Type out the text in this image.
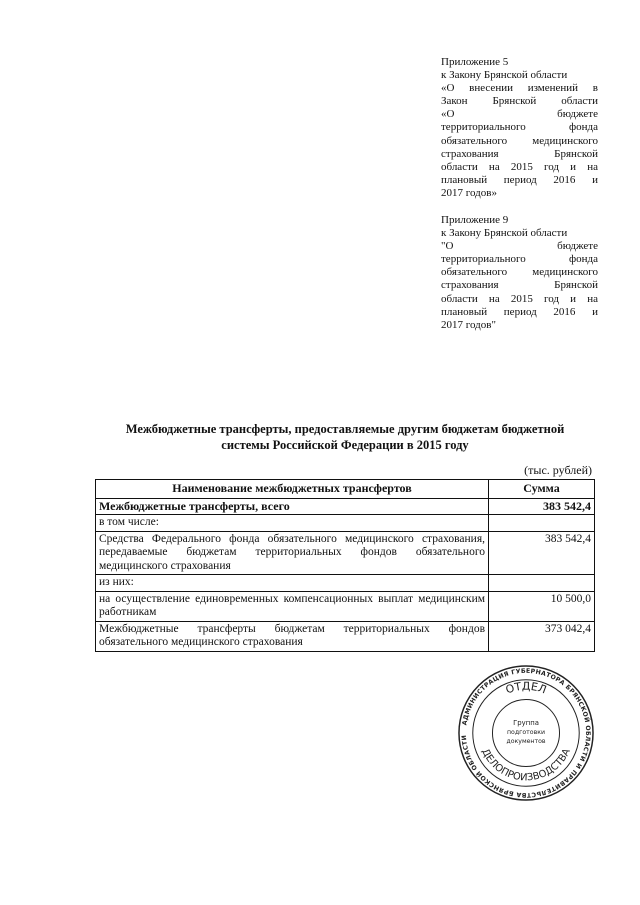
Приложение 5
к Закону Брянской области
«О внесении изменений в
Закон Брянской области
«О бюджете
территориального фонда
обязательного медицинского
страхования Брянской
области на 2015 год и на
плановый период 2016 и
2017 годов»
Приложение 9
к Закону Брянской области
"О бюджете
территориального фонда
обязательного медицинского
страхования Брянской
области на 2015 год и на
плановый период 2016 и
2017 годов"
Межбюджетные трансферты, предоставляемые другим бюджетам бюджетной
системы Российской Федерации в 2015 году
(тыс. рублей)
Наименование межбюджетных трансфертов	Сумма
Межбюджетные трансферты, всего	383 542,4
в том числе:	
Средства Федерального фонда обязательного медицинского страхования, передаваемые бюджетам территориальных фондов обязательного медицинского страхования	383 542,4
из них:	
на осуществление единовременных компенсационных выплат медицинским работникам	10 500,0
Межбюджетные трансферты бюджетам территориальных фондов обязательного медицинского страхования	373 042,4
АДМИНИСТРАЦИЯ ГУБЕРНАТОРА БРЯНСКОЙ ОБЛАСТИ И ПРАВИТЕЛЬСТВА БРЯНСКОЙ ОБЛАСТИ
ОТДЕЛ
ДЕЛОПРОИЗВОДСТВА
Группа
подготовки
документов
